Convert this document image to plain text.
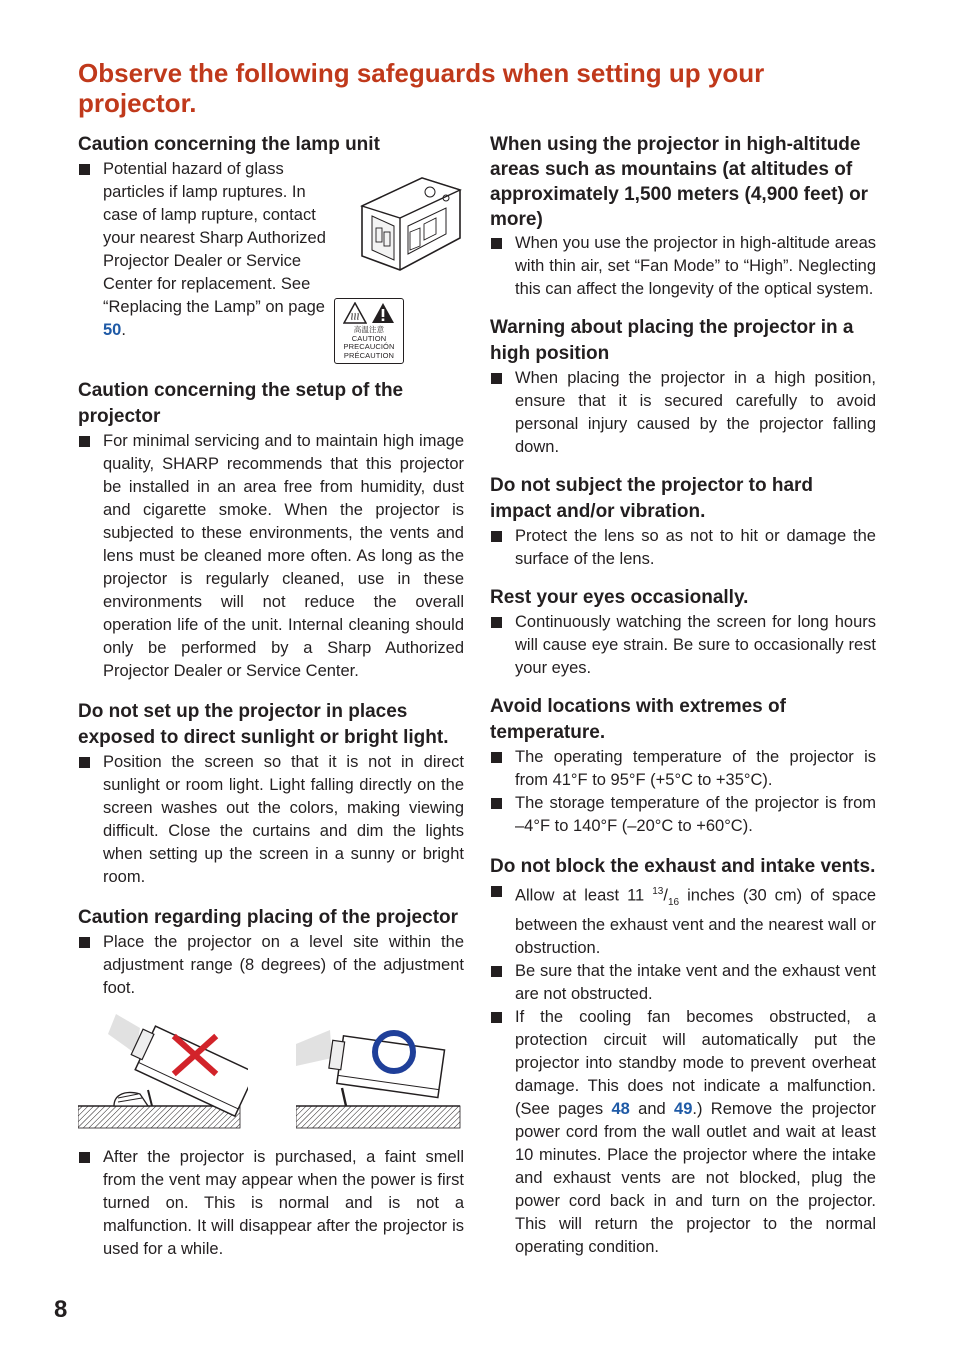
Observe the following safeguards when setting up your projector.
Caution concerning the lamp unit
Potential hazard of glass particles if lamp ruptures. In case of lamp rupture, contact your nearest Sharp Authorized Projector Dealer or Service Center for replacement. See “Replacing the Lamp” on page 50.
	高温注意
CAUTION
PRECAUCIÓN
PRÉCAUTION
Caution concerning the setup of the projector
For minimal servicing and to maintain high image quality, SHARP recommends that this projector be installed in an area free from humidity, dust and cigarette smoke. When the projector is subjected to these environments, the vents and lens must be cleaned more often. As long as the projector is regularly cleaned, use in these environments will not reduce the overall operation life of the unit. Internal cleaning should only be performed by a Sharp Authorized Projector Dealer or Service Center.
Do not set up the projector in places exposed to direct sunlight or bright light.
Position the screen so that it is not in direct sunlight or room light. Light falling directly on the screen washes out the colors, making viewing difficult. Close the curtains and dim the lights when setting up the screen in a sunny or bright room.
Caution regarding placing of the projector
Place the projector on a level site within the adjustment range (8 degrees) of the adjustment foot.
After the projector is purchased, a faint smell from the vent may appear when the power is first turned on. This is normal and is not a malfunction. It will disappear after the projector is used for a while.
When using the projector in high-altitude areas such as mountains (at altitudes of approximately 1,500 meters (4,900 feet) or more)
When you use the projector in high-altitude areas with thin air, set “Fan Mode” to “High”. Neglecting this can affect the longevity of the optical system.
Warning about placing the projector in a high position
When placing the projector in a high position, ensure that it is secured carefully to avoid personal injury caused by the projector falling down.
Do not subject the projector to hard impact and/or vibration.
Protect the lens so as not to hit or damage the surface of the lens.
Rest your eyes occasionally.
Continuously watching the screen for long hours will cause eye strain. Be sure to occasionally rest your eyes.
Avoid locations with extremes of temperature.
The operating temperature of the projector is from 41°F to 95°F (+5°C to +35°C).
The storage temperature of the projector is from –4°F to 140°F (–20°C to +60°C).
Do not block the exhaust and intake vents.
Allow at least 11 $^{13}/_{16}$ inches (30 cm) of space between the exhaust vent and the nearest wall or obstruction.
Be sure that the intake vent and the exhaust vent are not obstructed.
If the cooling fan becomes obstructed, a protection circuit will automatically put the projector into standby mode to prevent overheat damage. This does not indicate a malfunction. (See pages 48 and 49.) Remove the projector power cord from the wall outlet and wait at least 10 minutes. Place the projector where the intake and exhaust vents are not blocked, plug the power cord back in and turn on the projector. This will return the projector to the normal operating condition.
8
